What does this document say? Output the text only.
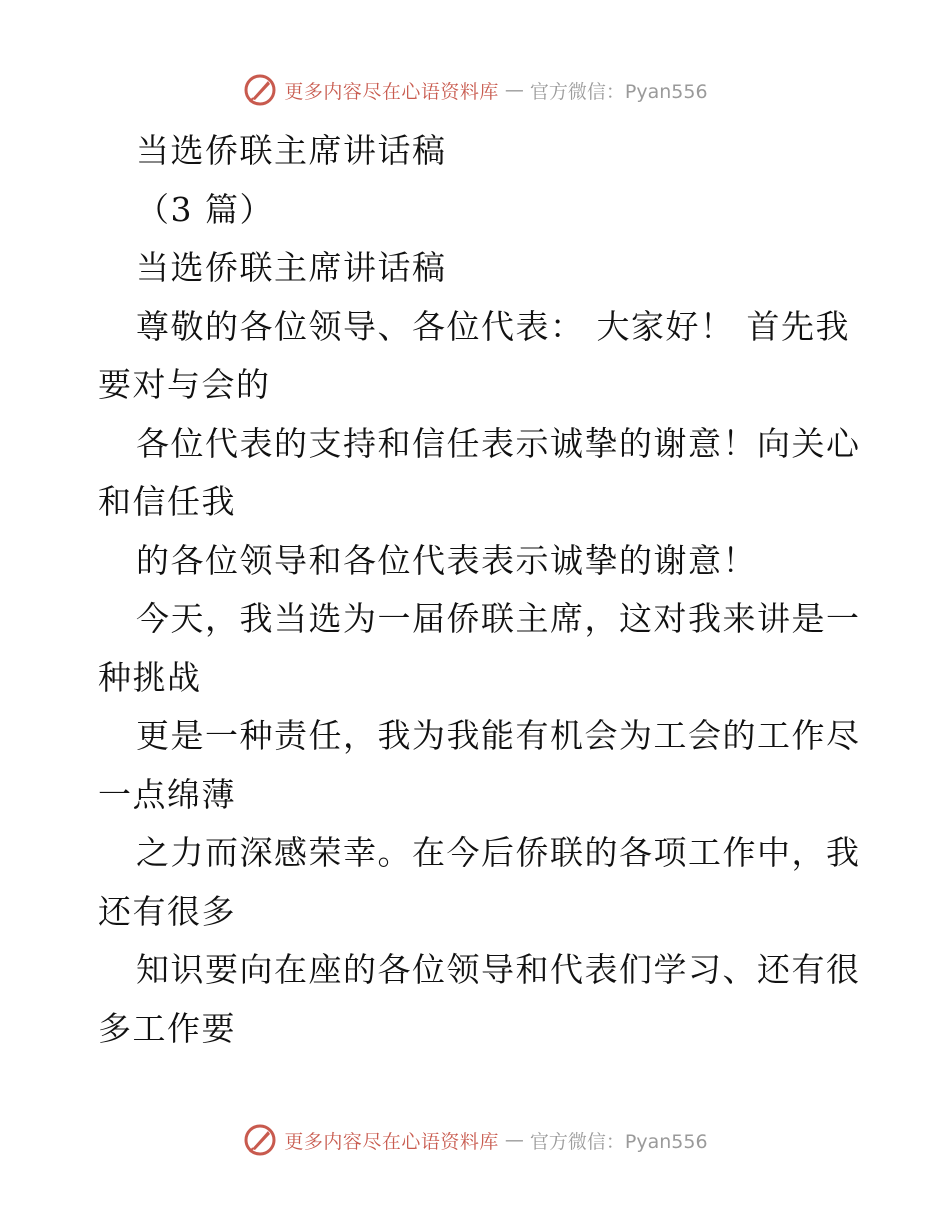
更多内容尽在心语资料库 — 官方微信：Pyan556
当选侨联主席讲话稿
（3 篇）
当选侨联主席讲话稿
尊敬的各位领导、各位代表： 大家好！ 首先我
要对与会的
各位代表的支持和信任表示诚挚的谢意！向关心
和信任我
的各位领导和各位代表表示诚挚的谢意！
今天，我当选为一届侨联主席，这对我来讲是一
种挑战
更是一种责任，我为我能有机会为工会的工作尽
一点绵薄
之力而深感荣幸。在今后侨联的各项工作中，我
还有很多
知识要向在座的各位领导和代表们学习、还有很
多工作要
更多内容尽在心语资料库 — 官方微信：Pyan556
